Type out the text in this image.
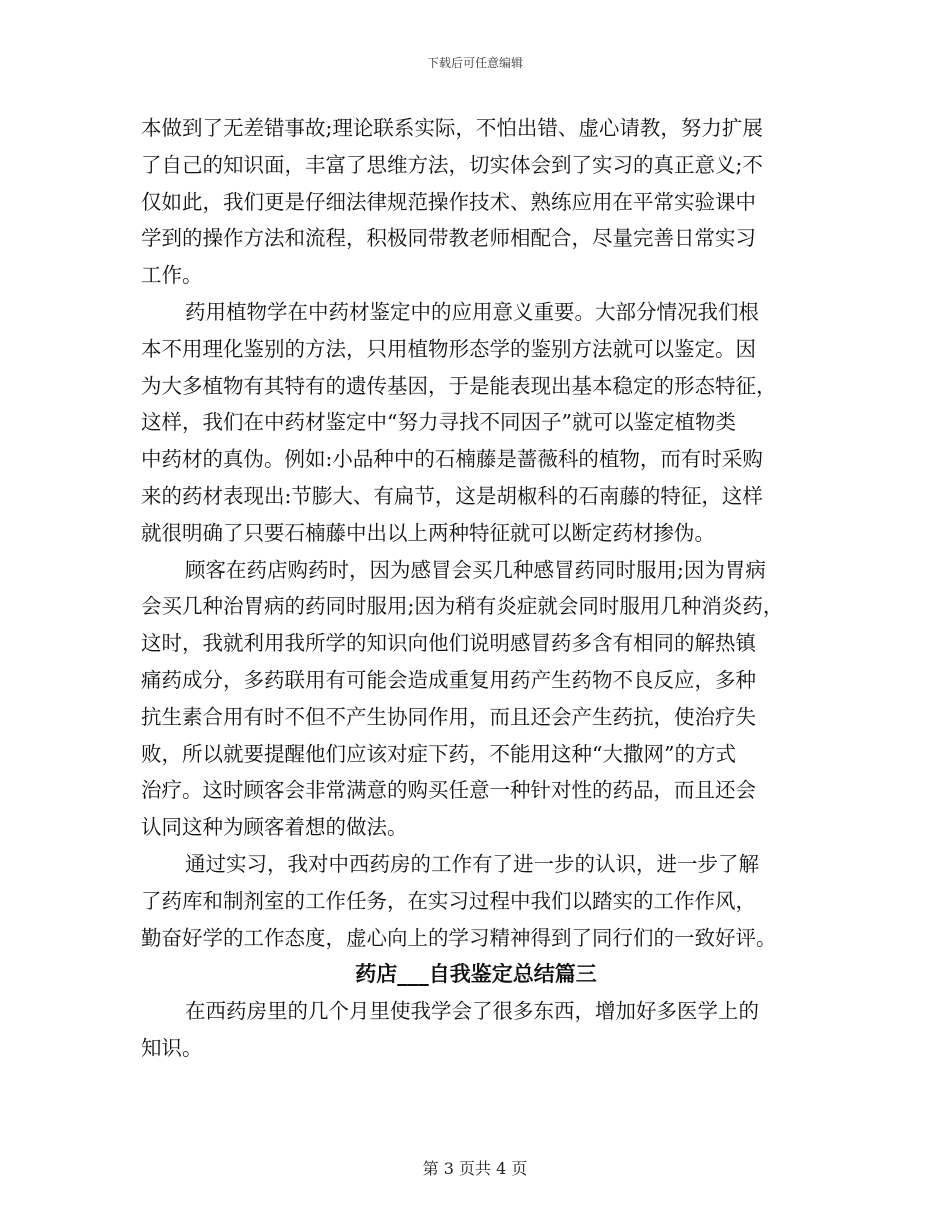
下载后可任意编辑
本做到了无差错事故;理论联系实际，不怕出错、虚心请教，努力扩展
了自己的知识面，丰富了思维方法，切实体会到了实习的真正意义;不
仅如此，我们更是仔细法律规范操作技术、熟练应用在平常实验课中
学到的操作方法和流程，积极同带教老师相配合，尽量完善日常实习
工作。
药用植物学在中药材鉴定中的应用意义重要。大部分情况我们根
本不用理化鉴别的方法，只用植物形态学的鉴别方法就可以鉴定。因
为大多植物有其特有的遗传基因，于是能表现出基本稳定的形态特征，
这样，我们在中药材鉴定中“努力寻找不同因子”就可以鉴定植物类
中药材的真伪。例如:小品种中的石楠藤是蔷薇科的植物，而有时采购
来的药材表现出:节膨大、有扁节，这是胡椒科的石南藤的特征，这样
就很明确了只要石楠藤中出以上两种特征就可以断定药材掺伪。
顾客在药店购药时，因为感冒会买几种感冒药同时服用;因为胃病
会买几种治胃病的药同时服用;因为稍有炎症就会同时服用几种消炎药，
这时，我就利用我所学的知识向他们说明感冒药多含有相同的解热镇
痛药成分，多药联用有可能会造成重复用药产生药物不良反应，多种
抗生素合用有时不但不产生协同作用，而且还会产生药抗，使治疗失
败，所以就要提醒他们应该对症下药，不能用这种“大撒网”的方式
治疗。这时顾客会非常满意的购买任意一种针对性的药品，而且还会
认同这种为顾客着想的做法。
通过实习，我对中西药房的工作有了进一步的认识，进一步了解
了药库和制剂室的工作任务，在实习过程中我们以踏实的工作作风，
勤奋好学的工作态度，虚心向上的学习精神得到了同行们的一致好评。
药店___自我鉴定总结篇三
在西药房里的几个月里使我学会了很多东西，增加好多医学上的
知识。
第 3 页共 4 页
